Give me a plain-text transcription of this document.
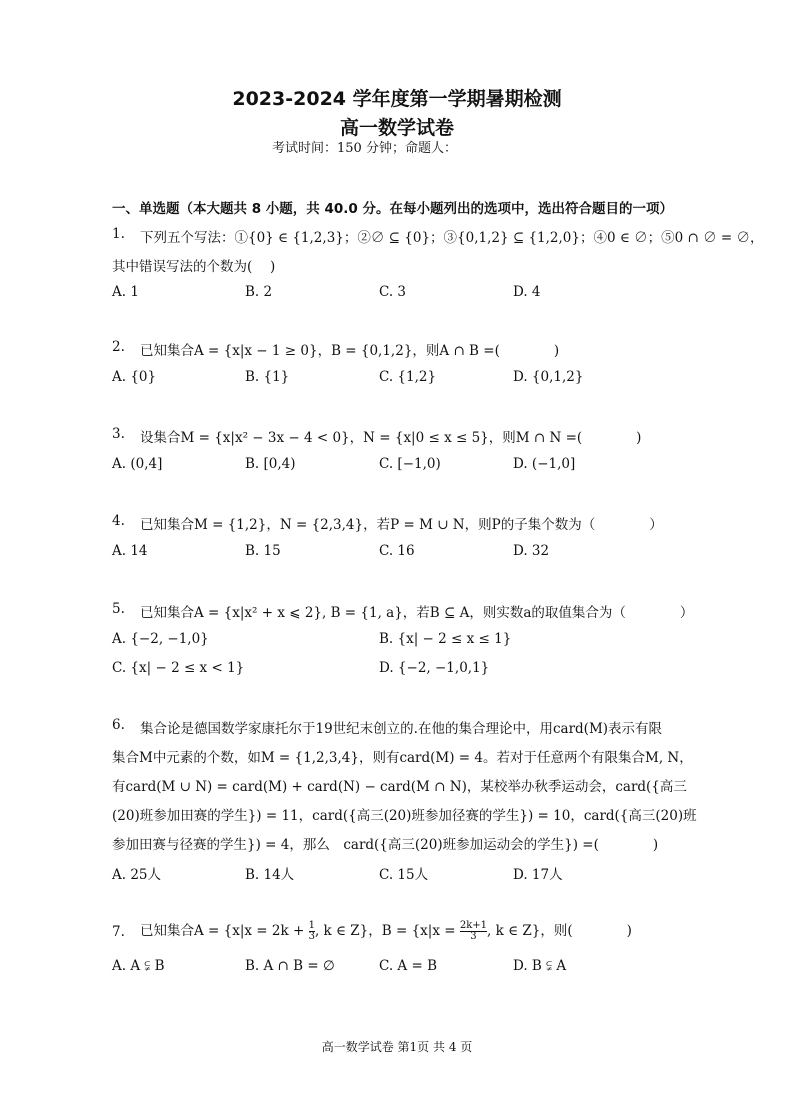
2023-2024 学年度第一学期暑期检测
高一数学试卷
考试时间：150 分钟；命题人：
一、单选题（本大题共 8 小题，共 40.0 分。在每小题列出的选项中，选出符合题目的一项）
1. 下列五个写法：①{0} ∈ {1,2,3}；②∅ ⊆ {0}；③{0,1,2} ⊆ {1,2,0}；④0 ∈ ∅；⑤0 ∩ ∅ = ∅，
其中错误写法的个数为(　 )
A. 1	B. 2	C. 3	D. 4
2. 已知集合A = {x|x − 1 ≥ 0}，B = {0,1,2}，则A ∩ B =(　　　　)
A. {0}	B. {1}	C. {1,2}	D. {0,1,2}
3. 设集合M = {x|x² − 3x − 4 < 0}，N = {x|0 ≤ x ≤ 5}，则M ∩ N =(　　　　)
A. (0,4]	B. [0,4)	C. [−1,0)	D. (−1,0]
4. 已知集合M = {1,2}，N = {2,3,4}，若P = M ∪ N，则P的子集个数为（　　　　）
A. 14	B. 15	C. 16	D. 32
5. 已知集合A = {x|x² + x ⩽ 2}, B = {1, a}，若B ⊆ A，则实数a的取值集合为（　　　　）
A. {−2, −1,0}	B. {x| − 2 ≤ x ≤ 1}
C. {x| − 2 ≤ x < 1}	D. {−2, −1,0,1}
6. 集合论是德国数学家康托尔于19世纪末创立的.在他的集合理论中，用card(M)表示有限
集合M中元素的个数，如M = {1,2,3,4}，则有card(M) = 4。若对于任意两个有限集合M, N，
有card(M ∪ N) = card(M) + card(N) − card(M ∩ N)，某校举办秋季运动会，card({高三
(20)班参加田赛的学生}) = 11，card({高三(20)班参加径赛的学生}) = 10，card({高三(20)班
参加田赛与径赛的学生}) = 4，那么　card({高三(20)班参加运动会的学生}) =(　　　　)
A. 25人	B. 14人	C. 15人	D. 17人
7. 已知集合$A = \{x|x = 2k + \frac{1}{3}$ , k ∈ Z}，$B = \{x|x = \frac{2k+1}{3}$ , k ∈ Z}，则(　　　　)
A. A ⫋ B	B. A ∩ B = ∅	C. A = B	D. B ⫋ A
高一数学试卷 第1页 共 4 页
